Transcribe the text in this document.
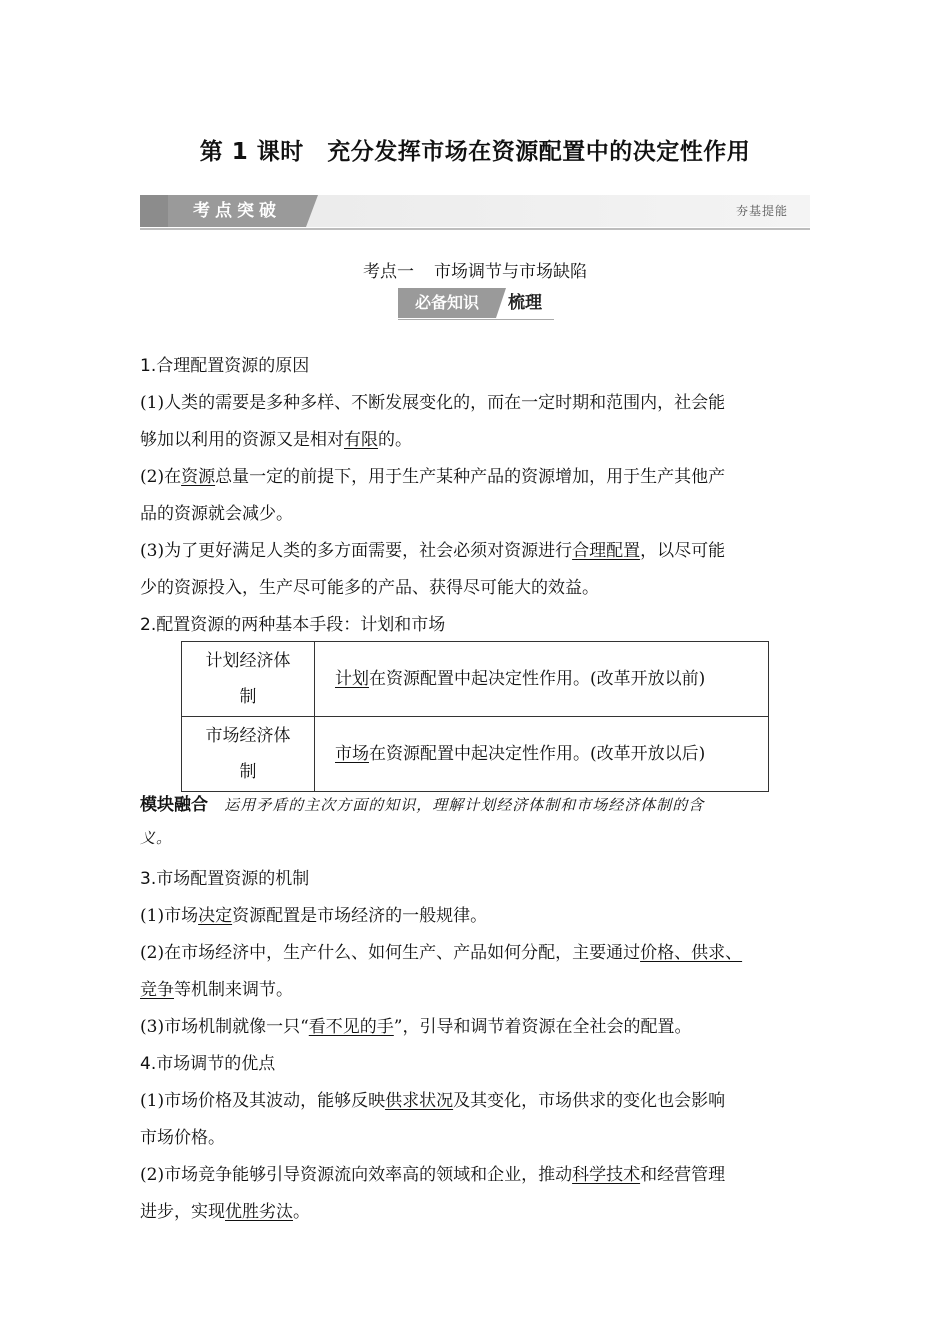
第 1 课时　充分发挥市场在资源配置中的决定性作用
考点突破	夯基提能
考点一 市场调节与市场缺陷
必备知识	梳理
1.合理配置资源的原因
(1)人类的需要是多种多样、不断发展变化的，而在一定时期和范围内，社会能
够加以利用的资源又是相对有限的。
(2)在资源总量一定的前提下，用于生产某种产品的资源增加，用于生产其他产
品的资源就会减少。
(3)为了更好满足人类的多方面需要，社会必须对资源进行合理配置，以尽可能
少的资源投入，生产尽可能多的产品、获得尽可能大的效益。
2.配置资源的两种基本手段：计划和市场
计划经济体
制	计划在资源配置中起决定性作用。(改革开放以前)
市场经济体
制	市场在资源配置中起决定性作用。(改革开放以后)
模块融合 运用矛盾的主次方面的知识，理解计划经济体制和市场经济体制的含
义。
3.市场配置资源的机制
(1)市场决定资源配置是市场经济的一般规律。
(2)在市场经济中，生产什么、如何生产、产品如何分配，主要通过价格、供求、
竞争等机制来调节。
(3)市场机制就像一只“看不见的手”，引导和调节着资源在全社会的配置。
4.市场调节的优点
(1)市场价格及其波动，能够反映供求状况及其变化，市场供求的变化也会影响
市场价格。
(2)市场竞争能够引导资源流向效率高的领域和企业，推动科学技术和经营管理
进步，实现优胜劣汰。
